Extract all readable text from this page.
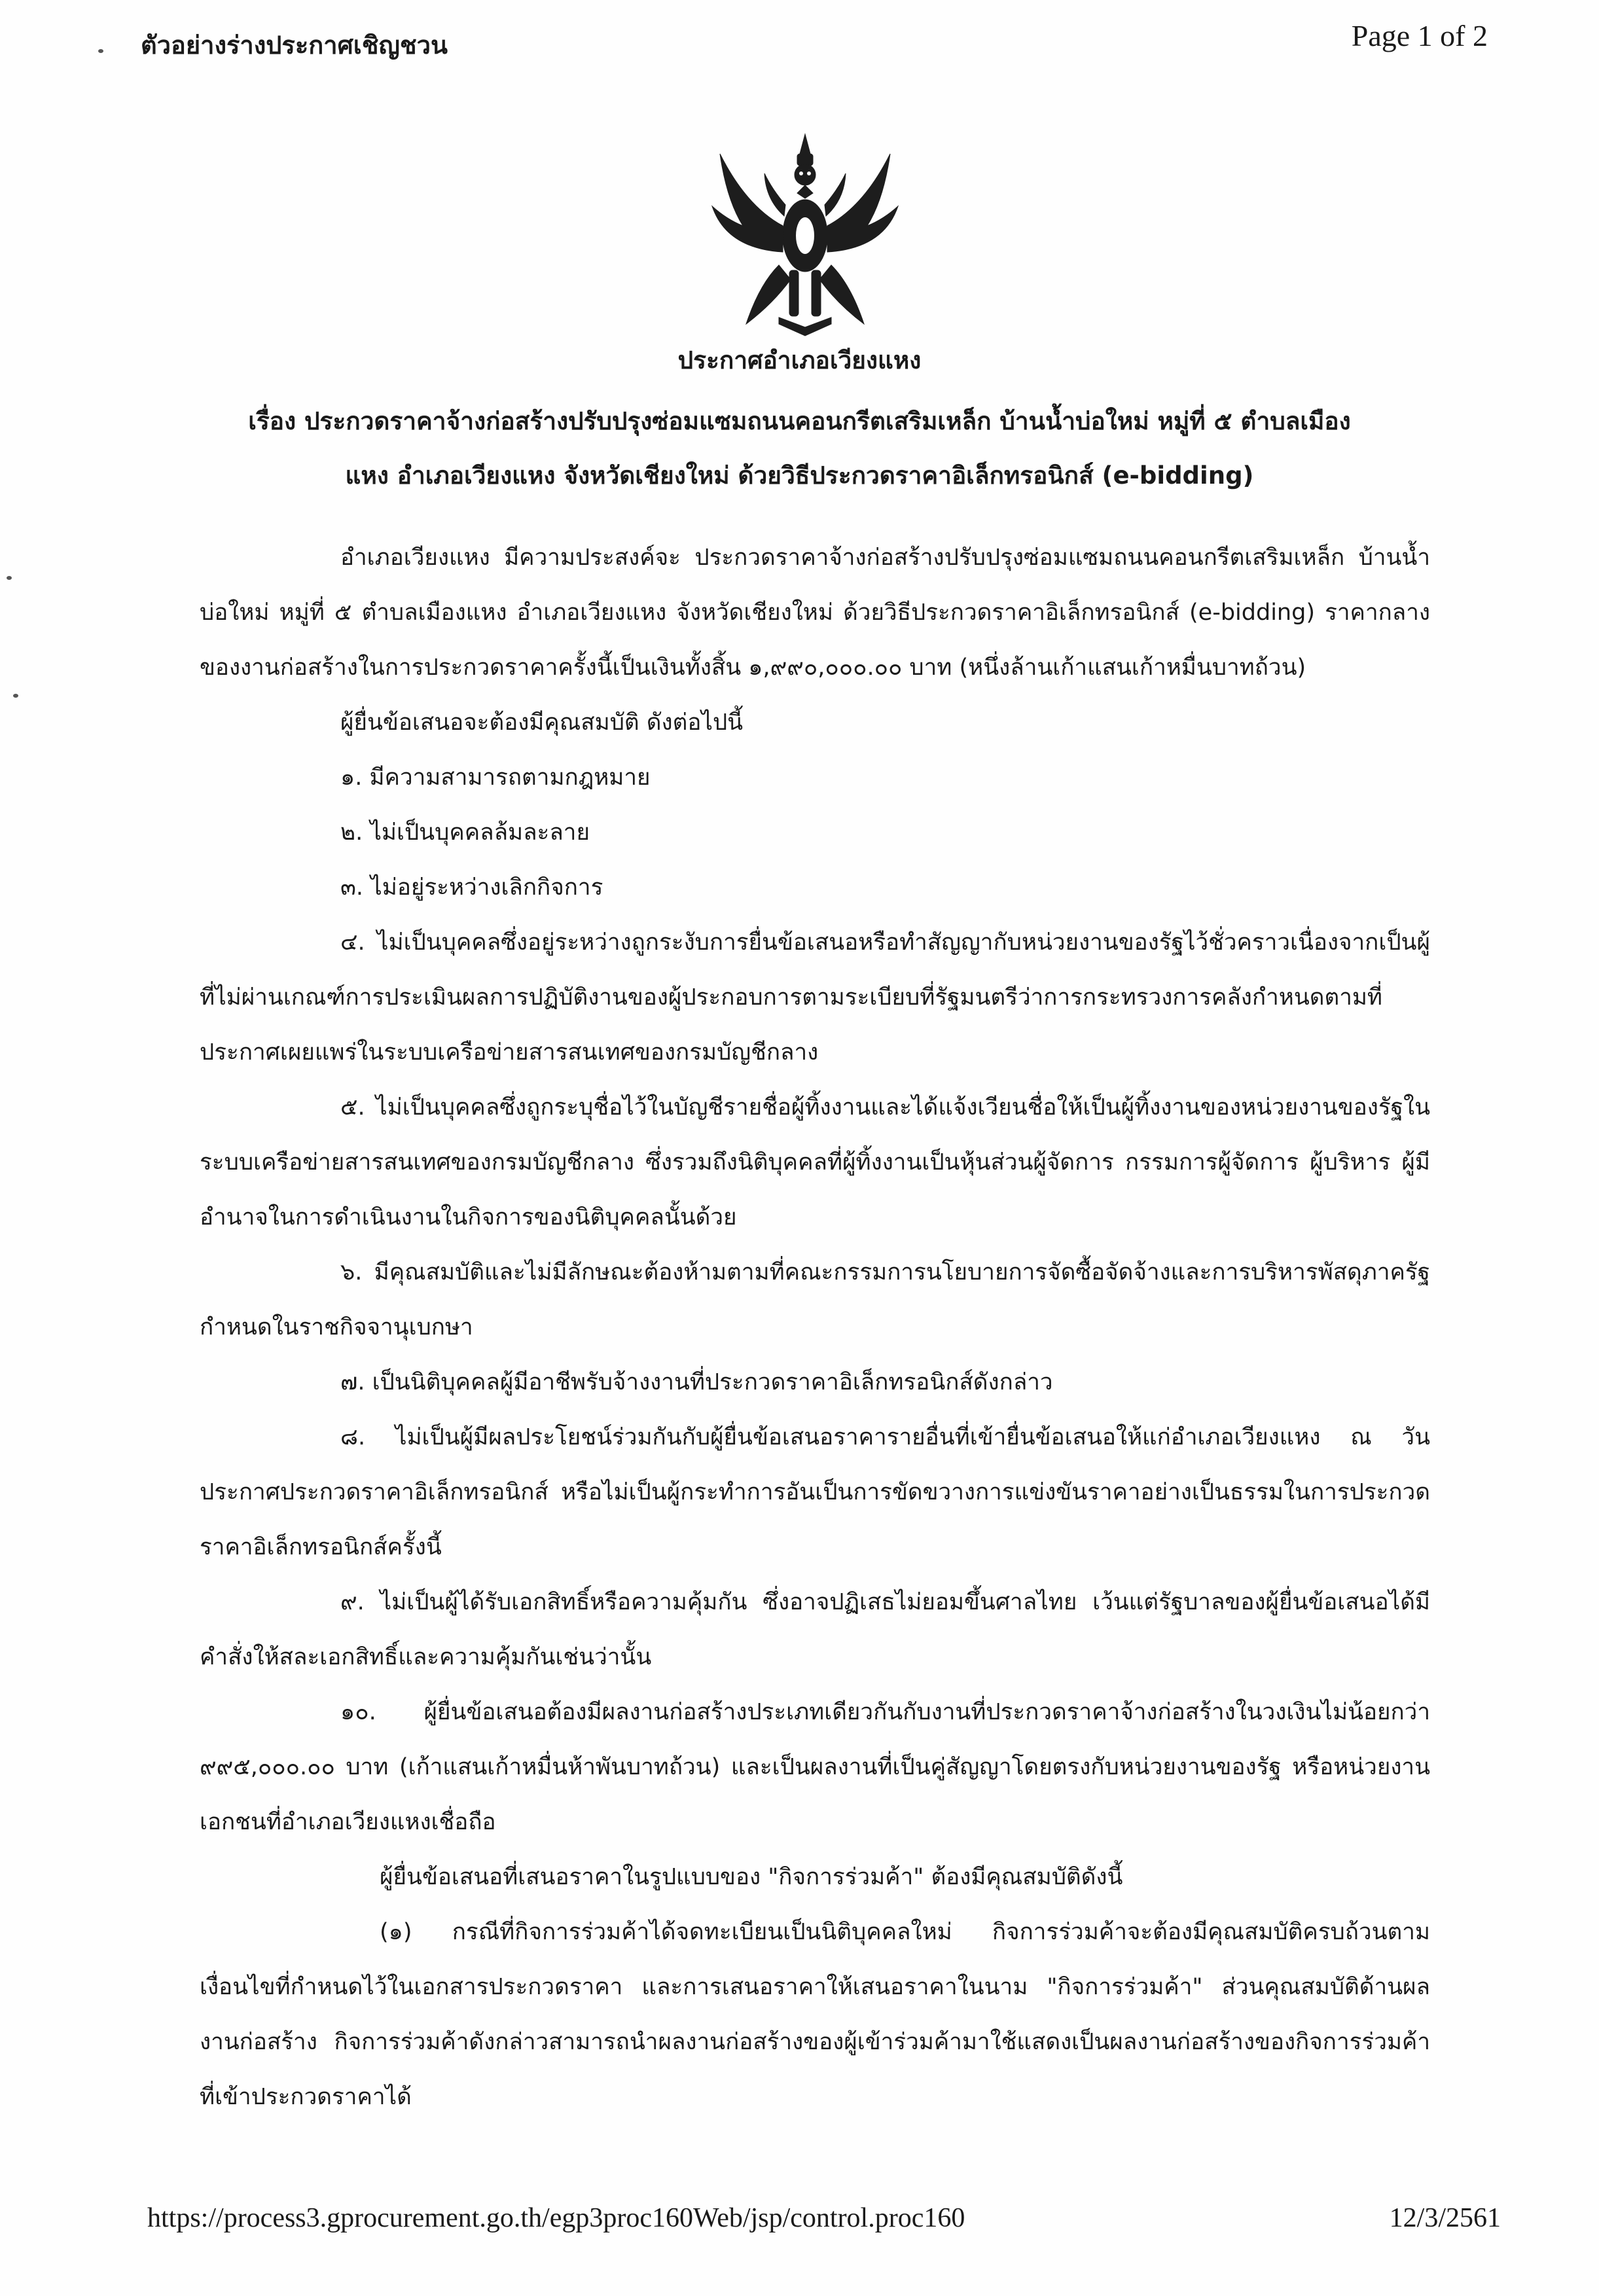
ตัวอย่างร่างประกาศเชิญชวน	Page 1 of 2
ประกาศอำเภอเวียงแหง
เรื่อง ประกวดราคาจ้างก่อสร้างปรับปรุงซ่อมแซมถนนคอนกรีตเสริมเหล็ก บ้านน้ำบ่อใหม่ หมู่ที่ ๕ ตำบลเมือง
แหง อำเภอเวียงแหง จังหวัดเชียงใหม่ ด้วยวิธีประกวดราคาอิเล็กทรอนิกส์ (e-bidding)

อำเภอเวียงแหง มีความประสงค์จะ ประกวดราคาจ้างก่อสร้างปรับปรุงซ่อมแซมถนนคอนกรีตเสริมเหล็ก บ้านน้ำบ่อใหม่ หมู่ที่ ๕ ตำบลเมืองแหง อำเภอเวียงแหง จังหวัดเชียงใหม่ ด้วยวิธีประกวดราคาอิเล็กทรอนิกส์ (e-bidding) ราคากลางของงานก่อสร้างในการประกวดราคาครั้งนี้เป็นเงินทั้งสิ้น ๑,๙๙๐,๐๐๐.๐๐ บาท (หนึ่งล้านเก้าแสนเก้าหมื่นบาทถ้วน)

ผู้ยื่นข้อเสนอจะต้องมีคุณสมบัติ ดังต่อไปนี้

๑. มีความสามารถตามกฎหมาย

๒. ไม่เป็นบุคคลล้มละลาย

๓. ไม่อยู่ระหว่างเลิกกิจการ

๔. ไม่เป็นบุคคลซึ่งอยู่ระหว่างถูกระงับการยื่นข้อเสนอหรือทำสัญญากับหน่วยงานของรัฐไว้ชั่วคราวเนื่องจากเป็นผู้ที่ไม่ผ่านเกณฑ์การประเมินผลการปฏิบัติงานของผู้ประกอบการตามระเบียบที่รัฐมนตรีว่าการกระทรวงการคลังกำหนดตามที่ประกาศเผยแพร่ในระบบเครือข่ายสารสนเทศของกรมบัญชีกลาง

๕. ไม่เป็นบุคคลซึ่งถูกระบุชื่อไว้ในบัญชีรายชื่อผู้ทิ้งงานและได้แจ้งเวียนชื่อให้เป็นผู้ทิ้งงานของหน่วยงานของรัฐในระบบเครือข่ายสารสนเทศของกรมบัญชีกลาง ซึ่งรวมถึงนิติบุคคลที่ผู้ทิ้งงานเป็นหุ้นส่วนผู้จัดการ กรรมการผู้จัดการ ผู้บริหาร ผู้มีอำนาจในการดำเนินงานในกิจการของนิติบุคคลนั้นด้วย

๖. มีคุณสมบัติและไม่มีลักษณะต้องห้ามตามที่คณะกรรมการนโยบายการจัดซื้อจัดจ้างและการบริหารพัสดุภาครัฐกำหนดในราชกิจจานุเบกษา

๗. เป็นนิติบุคคลผู้มีอาชีพรับจ้างงานที่ประกวดราคาอิเล็กทรอนิกส์ดังกล่าว

๘. ไม่เป็นผู้มีผลประโยชน์ร่วมกันกับผู้ยื่นข้อเสนอราคารายอื่นที่เข้ายื่นข้อเสนอให้แก่อำเภอเวียงแหง ณ วันประกาศประกวดราคาอิเล็กทรอนิกส์ หรือไม่เป็นผู้กระทำการอันเป็นการขัดขวางการแข่งขันราคาอย่างเป็นธรรมในการประกวดราคาอิเล็กทรอนิกส์ครั้งนี้

๙. ไม่เป็นผู้ได้รับเอกสิทธิ์หรือความคุ้มกัน ซึ่งอาจปฏิเสธไม่ยอมขึ้นศาลไทย เว้นแต่รัฐบาลของผู้ยื่นข้อเสนอได้มีคำสั่งให้สละเอกสิทธิ์และความคุ้มกันเช่นว่านั้น

๑๐. ผู้ยื่นข้อเสนอต้องมีผลงานก่อสร้างประเภทเดียวกันกับงานที่ประกวดราคาจ้างก่อสร้างในวงเงินไม่น้อยกว่า ๙๙๕,๐๐๐.๐๐ บาท (เก้าแสนเก้าหมื่นห้าพันบาทถ้วน) และเป็นผลงานที่เป็นคู่สัญญาโดยตรงกับหน่วยงานของรัฐ หรือหน่วยงานเอกชนที่อำเภอเวียงแหงเชื่อถือ

ผู้ยื่นข้อเสนอที่เสนอราคาในรูปแบบของ "กิจการร่วมค้า" ต้องมีคุณสมบัติดังนี้

(๑) กรณีที่กิจการร่วมค้าได้จดทะเบียนเป็นนิติบุคคลใหม่ กิจการร่วมค้าจะต้องมีคุณสมบัติครบถ้วนตามเงื่อนไขที่กำหนดไว้ในเอกสารประกวดราคา และการเสนอราคาให้เสนอราคาในนาม "กิจการร่วมค้า" ส่วนคุณสมบัติด้านผลงานก่อสร้าง กิจการร่วมค้าดังกล่าวสามารถนำผลงานก่อสร้างของผู้เข้าร่วมค้ามาใช้แสดงเป็นผลงานก่อสร้างของกิจการร่วมค้าที่เข้าประกวดราคาได้

https://process3.gprocurement.go.th/egp3proc160Web/jsp/control.proc160	12/3/2561
